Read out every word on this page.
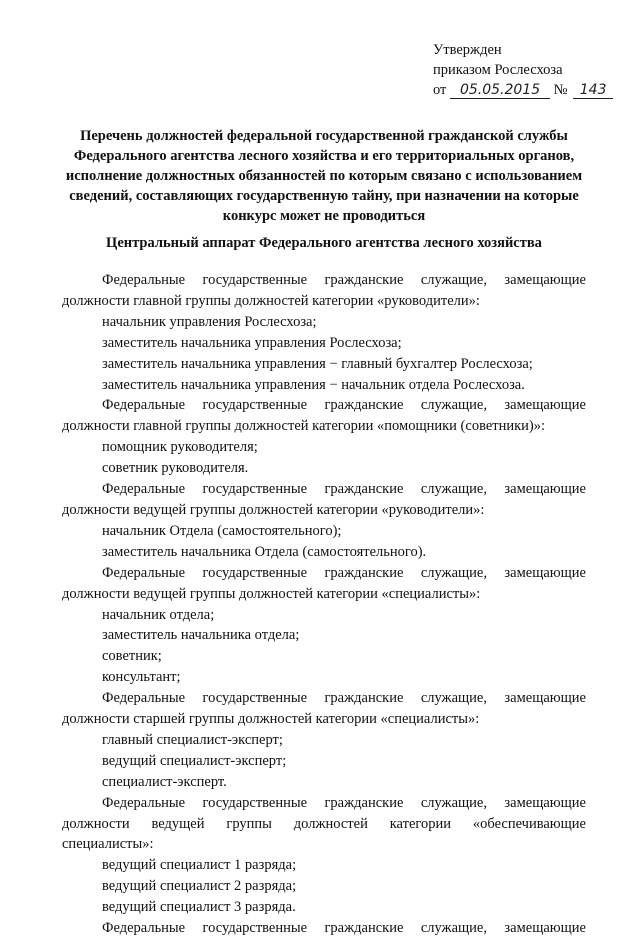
Утвержден
приказом Рослесхоза
от 05.05.2015 № 143
Перечень должностей федеральной государственной гражданской службы Федерального агентства лесного хозяйства и его территориальных органов, исполнение должностных обязанностей по которым связано с использованием сведений, составляющих государственную тайну, при назначении на которые конкурс может не проводиться
Центральный аппарат Федерального агентства лесного хозяйства
Федеральные государственные гражданские служащие, замещающие должности главной группы должностей категории «руководители»:
начальник управления Рослесхоза;
заместитель начальника управления Рослесхоза;
заместитель начальника управления − главный бухгалтер Рослесхоза;
заместитель начальника управления − начальник отдела Рослесхоза.
Федеральные государственные гражданские служащие, замещающие должности главной группы должностей категории «помощники (советники)»:
помощник руководителя;
советник руководителя.
Федеральные государственные гражданские служащие, замещающие должности ведущей группы должностей категории «руководители»:
начальник Отдела (самостоятельного);
заместитель начальника Отдела (самостоятельного).
Федеральные государственные гражданские служащие, замещающие должности ведущей группы должностей категории «специалисты»:
начальник отдела;
заместитель начальника отдела;
советник;
консультант;
Федеральные государственные гражданские служащие, замещающие должности старшей группы должностей категории «специалисты»:
главный специалист-эксперт;
ведущий специалист-эксперт;
специалист-эксперт.
Федеральные государственные гражданские служащие, замещающие должности ведущей группы должностей категории «обеспечивающие специалисты»:
ведущий специалист 1 разряда;
ведущий специалист 2 разряда;
ведущий специалист 3 разряда.
Федеральные государственные гражданские служащие, замещающие
